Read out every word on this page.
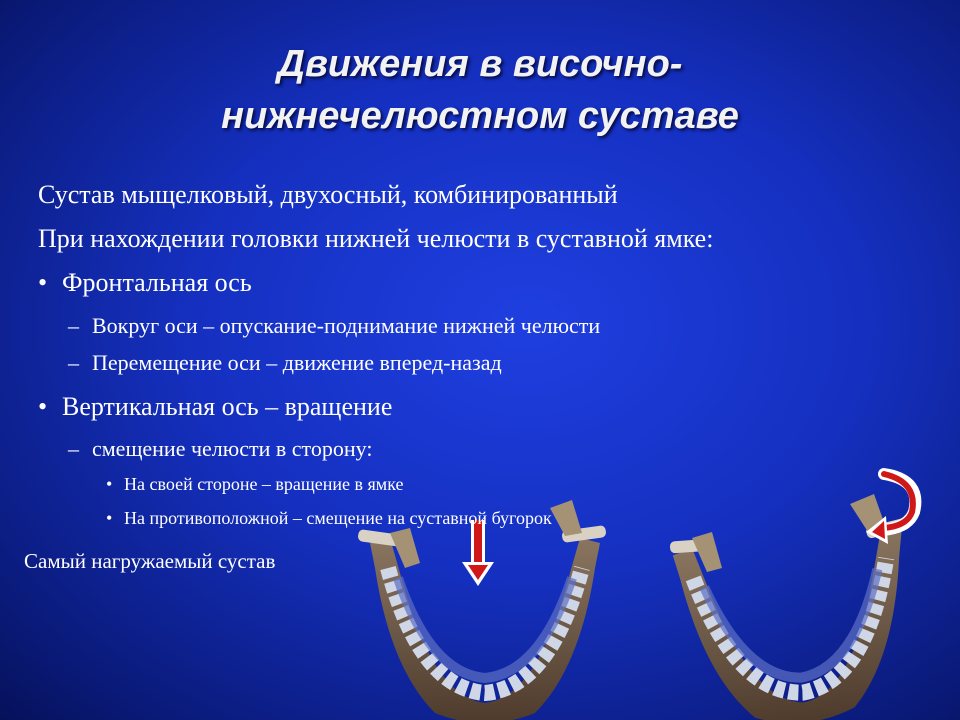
Движения в височно-
нижнечелюстном суставе
Сустав мыщелковый, двухосный, комбинированный
При нахождении головки нижней челюсти в суставной ямке:
• Фронтальная ось
– Вокруг оси – опускание-поднимание нижней челюсти
– Перемещение оси – движение вперед-назад
• Вертикальная ось – вращение
– смещение челюсти в сторону:
• На своей стороне – вращение в ямке
• На противоположной – смещение на суставной бугорок
Самый нагружаемый сустав
